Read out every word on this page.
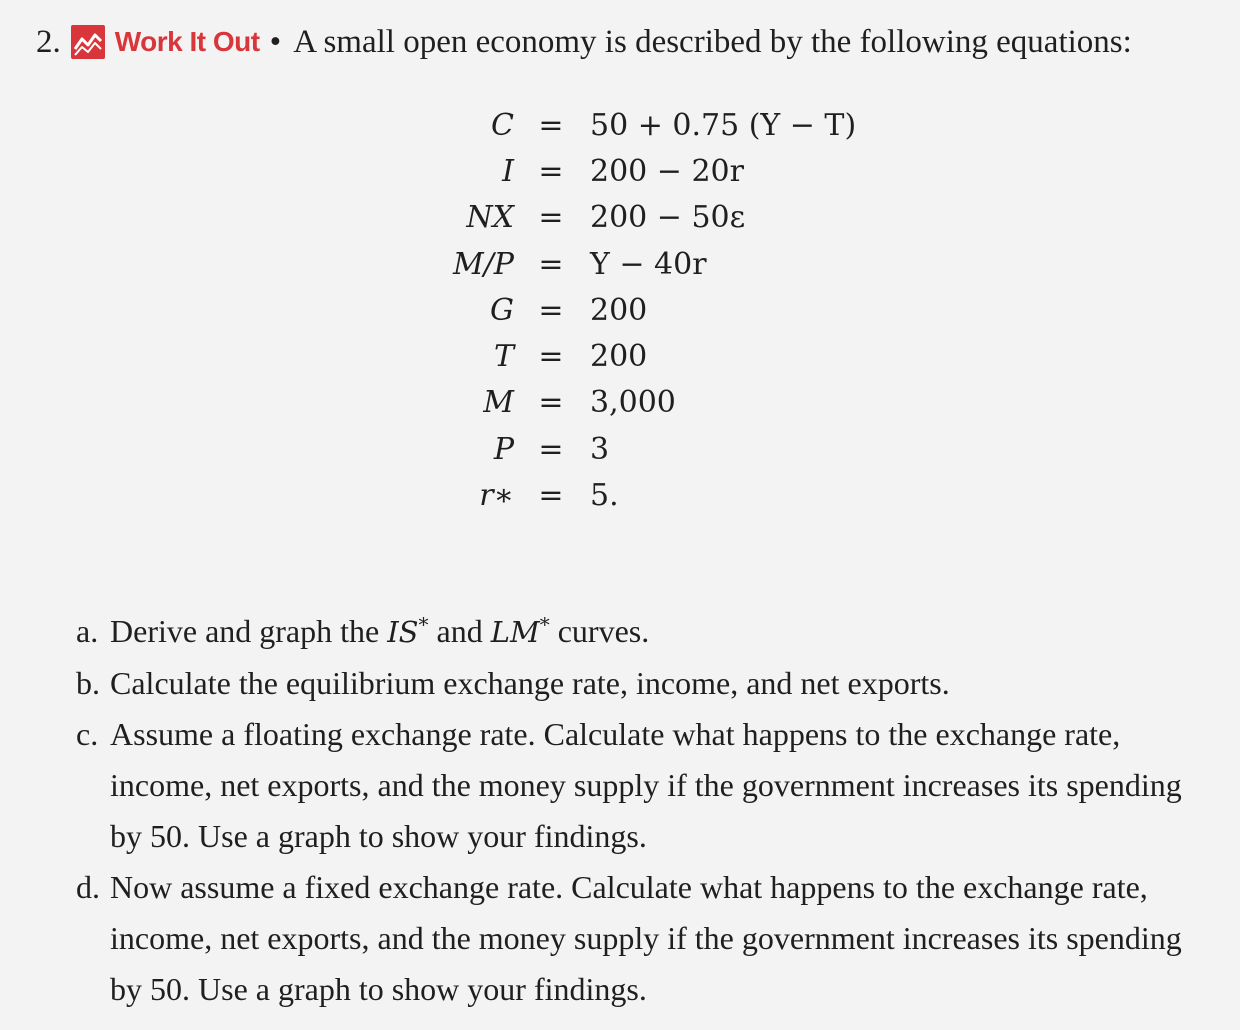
2. Work It Out • A small open economy is described by the following equations:
C = 50 + 0.75 (Y − T)
I = 200 − 20r
NX = 200 − 50ε
M/P = Y − 40r
G = 200
T = 200
M = 3,000
P = 3
r∗ = 5.
a. Derive and graph the IS* and LM* curves.
b. Calculate the equilibrium exchange rate, income, and net exports.
c. Assume a floating exchange rate. Calculate what happens to the exchange rate, income, net exports, and the money supply if the government increases its spending by 50. Use a graph to show your findings.
d. Now assume a fixed exchange rate. Calculate what happens to the exchange rate, income, net exports, and the money supply if the government increases its spending by 50. Use a graph to show your findings.
